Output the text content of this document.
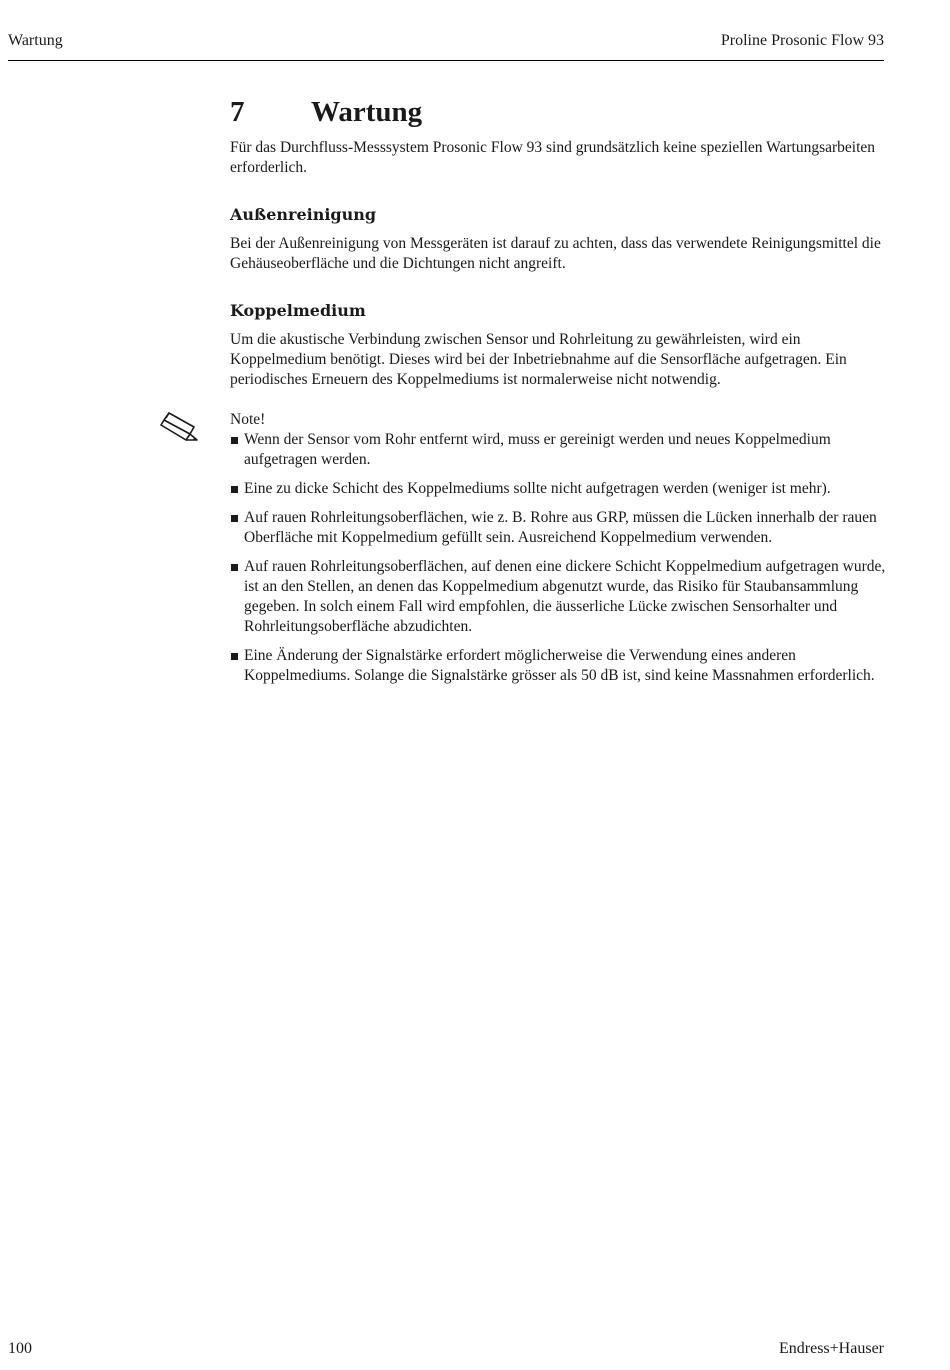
Wartung	Proline Prosonic Flow 93
7 Wartung

Für das Durchfluss-Messsystem Prosonic Flow 93 sind grundsätzlich keine speziellen Wartungsarbeiten erforderlich.

Außenreinigung

Bei der Außenreinigung von Messgeräten ist darauf zu achten, dass das verwendete Reinigungsmittel die Gehäuseoberfläche und die Dichtungen nicht angreift.

Koppelmedium

Um die akustische Verbindung zwischen Sensor und Rohrleitung zu gewährleisten, wird ein Koppelmedium benötigt. Dieses wird bei der Inbetriebnahme auf die Sensorfläche aufgetragen. Ein periodisches Erneuern des Koppelmediums ist normalerweise nicht notwendig.

Note!

Wenn der Sensor vom Rohr entfernt wird, muss er gereinigt werden und neues Koppelmedium aufgetragen werden.
Eine zu dicke Schicht des Koppelmediums sollte nicht aufgetragen werden (weniger ist mehr).
Auf rauen Rohrleitungsoberflächen, wie z. B. Rohre aus GRP, müssen die Lücken innerhalb der rauen Oberfläche mit Koppelmedium gefüllt sein. Ausreichend Koppelmedium verwenden.
Auf rauen Rohrleitungsoberflächen, auf denen eine dickere Schicht Koppelmedium aufgetragen wurde, ist an den Stellen, an denen das Koppelmedium abgenutzt wurde, das Risiko für Staubansammlung gegeben. In solch einem Fall wird empfohlen, die äusserliche Lücke zwischen Sensorhalter und Rohrleitungsoberfläche abzudichten.
Eine Änderung der Signalstärke erfordert möglicherweise die Verwendung eines anderen Koppelmediums. Solange die Signalstärke grösser als 50 dB ist, sind keine Massnahmen erforderlich.
100	Endress+Hauser
